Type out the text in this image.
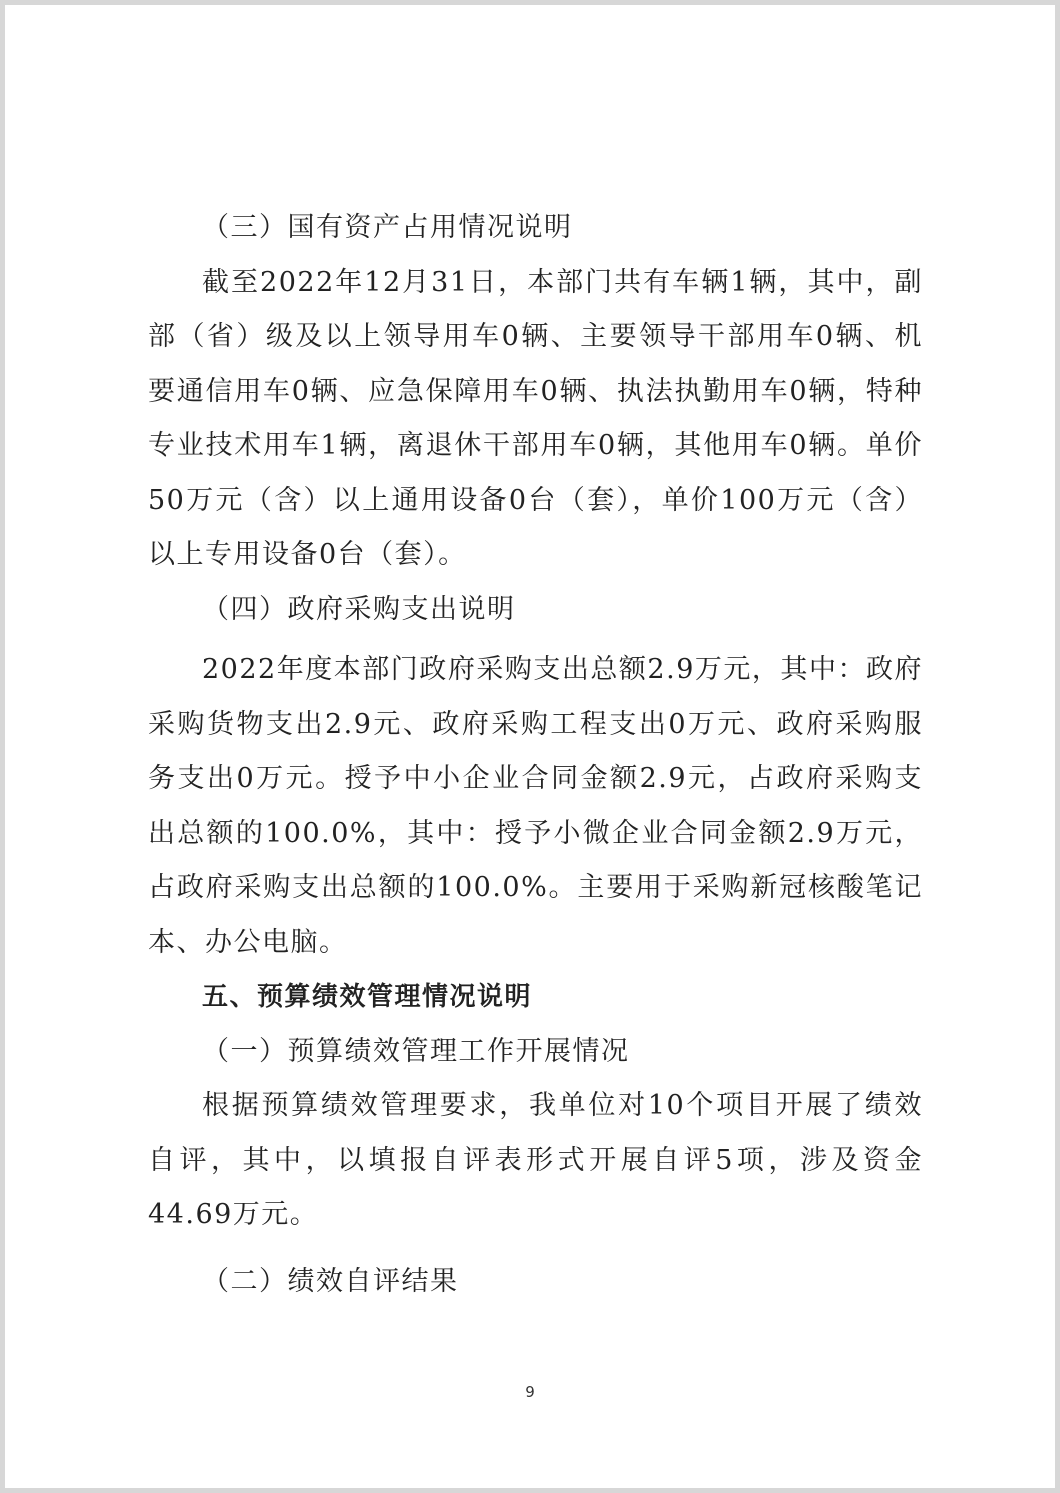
（三）国有资产占用情况说明

截至2022年12月31日，本部门共有车辆1辆，其中，副部（省）级及以上领导用车0辆、主要领导干部用车0辆、机要通信用车0辆、应急保障用车0辆、执法执勤用车0辆，特种专业技术用车1辆，离退休干部用车0辆，其他用车0辆。单价50万元（含）以上通用设备0台（套），单价100万元（含）以上专用设备0台（套）。

（四）政府采购支出说明

2022年度本部门政府采购支出总额2.9万元，其中：政府采购货物支出2.9元、政府采购工程支出0万元、政府采购服务支出0万元。授予中小企业合同金额2.9元，占政府采购支出总额的100.0%，其中：授予小微企业合同金额2.9万元，占政府采购支出总额的100.0%。主要用于采购新冠核酸笔记本、办公电脑。

五、预算绩效管理情况说明

（一）预算绩效管理工作开展情况

根据预算绩效管理要求，我单位对10个项目开展了绩效自评，其中，以填报自评表形式开展自评5项，涉及资金44.69万元。

（二）绩效自评结果

9
